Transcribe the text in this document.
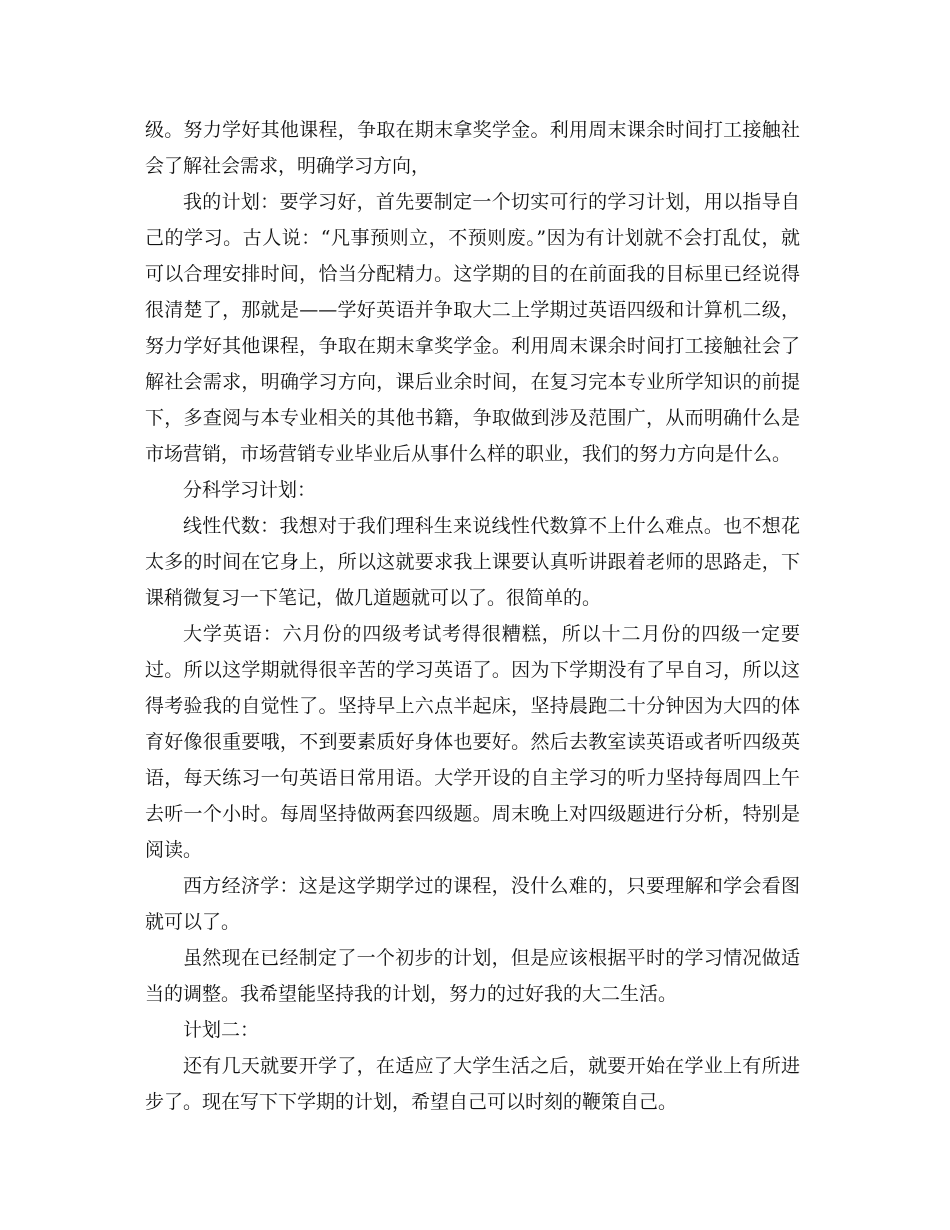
级。努力学好其他课程，争取在期末拿奖学金。利用周末课余时间打工接触社会了解社会需求，明确学习方向，

我的计划：要学习好，首先要制定一个切实可行的学习计划，用以指导自己的学习。古人说：“凡事预则立，不预则废。”因为有计划就不会打乱仗，就可以合理安排时间，恰当分配精力。这学期的目的在前面我的目标里已经说得很清楚了，那就是——学好英语并争取大二上学期过英语四级和计算机二级，努力学好其他课程，争取在期末拿奖学金。利用周末课余时间打工接触社会了解社会需求，明确学习方向，课后业余时间，在复习完本专业所学知识的前提下，多查阅与本专业相关的其他书籍，争取做到涉及范围广，从而明确什么是市场营销，市场营销专业毕业后从事什么样的职业，我们的努力方向是什么。

分科学习计划：

线性代数：我想对于我们理科生来说线性代数算不上什么难点。也不想花太多的时间在它身上，所以这就要求我上课要认真听讲跟着老师的思路走，下课稍微复习一下笔记，做几道题就可以了。很简单的。

大学英语：六月份的四级考试考得很糟糕，所以十二月份的四级一定要过。所以这学期就得很辛苦的学习英语了。因为下学期没有了早自习，所以这得考验我的自觉性了。坚持早上六点半起床，坚持晨跑二十分钟因为大四的体育好像很重要哦，不到要素质好身体也要好。然后去教室读英语或者听四级英语，每天练习一句英语日常用语。大学开设的自主学习的听力坚持每周四上午去听一个小时。每周坚持做两套四级题。周末晚上对四级题进行分析，特别是阅读。

西方经济学：这是这学期学过的课程，没什么难的，只要理解和学会看图就可以了。

虽然现在已经制定了一个初步的计划，但是应该根据平时的学习情况做适当的调整。我希望能坚持我的计划，努力的过好我的大二生活。

计划二：

还有几天就要开学了，在适应了大学生活之后，就要开始在学业上有所进步了。现在写下下学期的计划，希望自己可以时刻的鞭策自己。
